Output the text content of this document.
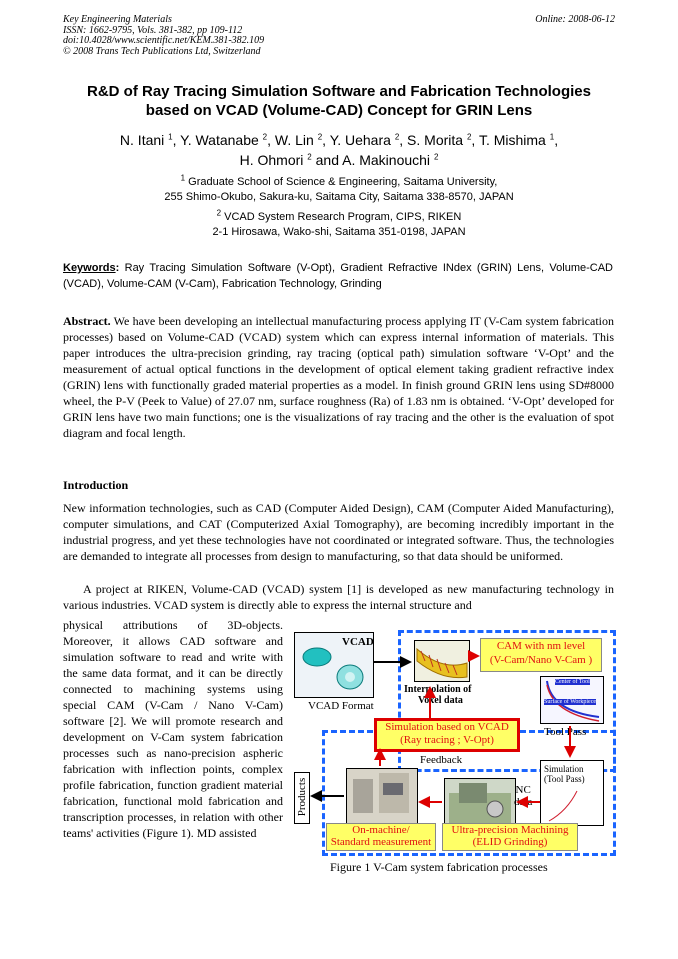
Key Engineering Materials
ISSN: 1662-9795, Vols. 381-382, pp 109-112
doi:10.4028/www.scientific.net/KEM.381-382.109
© 2008 Trans Tech Publications Ltd, Switzerland
Online: 2008-06-12
R&D of Ray Tracing Simulation Software and Fabrication Technologies
based on VCAD (Volume-CAD) Concept for GRIN Lens
N. Itani $^1$, Y. Watanabe $^2$, W. Lin $^2$, Y. Uehara $^2$, S. Morita $^2$, T. Mishima $^1$,
H. Ohmori $^2$ and A. Makinouchi $^2$
$^1$ Graduate School of Science & Engineering, Saitama University,
255 Shimo-Okubo, Sakura-ku, Saitama City, Saitama 338-8570, JAPAN
$^2$ VCAD System Research Program, CIPS, RIKEN
2-1 Hirosawa, Wako-shi, Saitama 351-0198, JAPAN
Keywords: Ray Tracing Simulation Software (V-Opt), Gradient Refractive INdex (GRIN) Lens, Volume-CAD (VCAD), Volume-CAM (V-Cam), Fabrication Technology, Grinding
Abstract. We have been developing an intellectual manufacturing process applying IT (V-Cam system fabrication processes) based on Volume-CAD (VCAD) system which can express internal information of materials. This paper introduces the ultra-precision grinding, ray tracing (optical path) simulation software ‘V-Opt’ and the measurement of actual optical functions in the development of optical element taking gradient refractive index (GRIN) lens with functionally graded material properties as a model. In finish ground GRIN lens using SD#8000 wheel, the P-V (Peek to Value) of 27.07 nm, surface roughness (Ra) of 1.83 nm is obtained. ‘V-Opt’ developed for GRIN lens have two main functions; one is the visualizations of ray tracing and the other is the evaluation of spot diagram and focal length.
Introduction
New information technologies, such as CAD (Computer Aided Design), CAM (Computer Aided Manufacturing), computer simulations, and CAT (Computerized Axial Tomography), are becoming incredibly important in the industrial progress, and yet these technologies have not coordinated or integrated software. Thus, the technologies are demanded to integrate all processes from design to manufacturing, so that data should be uniformed.
A project at RIKEN, Volume-CAD (VCAD) system [1] is developed as new manufacturing technology in various industries. VCAD system is directly able to express the internal structure and
physical attributions of 3D-objects. Moreover, it allows CAD software and simulation software to read and write with the same data format, and it can be directly connected to machining systems using special CAM (V-Cam / Nano V-Cam) software [2]. We will promote research and development on V-Cam system fabrication processes such as nano-precision aspheric fabrication with inflection points, complex profile fabrication, function gradient material fabrication, functional mold fabrication and transcription processes, in relation with other teams' activities (Figure 1). MD assisted
VCAD
VCAD Format
Interpolation of
Voxel data
CAM with nm level
(V-Cam/Nano V-Cam )
Center of Tool
Surface of Workpiece
Tool Pass
Simulation based on VCAD
(Ray tracing ; V-Opt)
Feedback
Products	NC
data
Simulation
(Tool Pass)
On-machine/
Standard measurement
Ultra-precision Machining
(ELID Grinding)
Figure 1 V-Cam system fabrication processes
